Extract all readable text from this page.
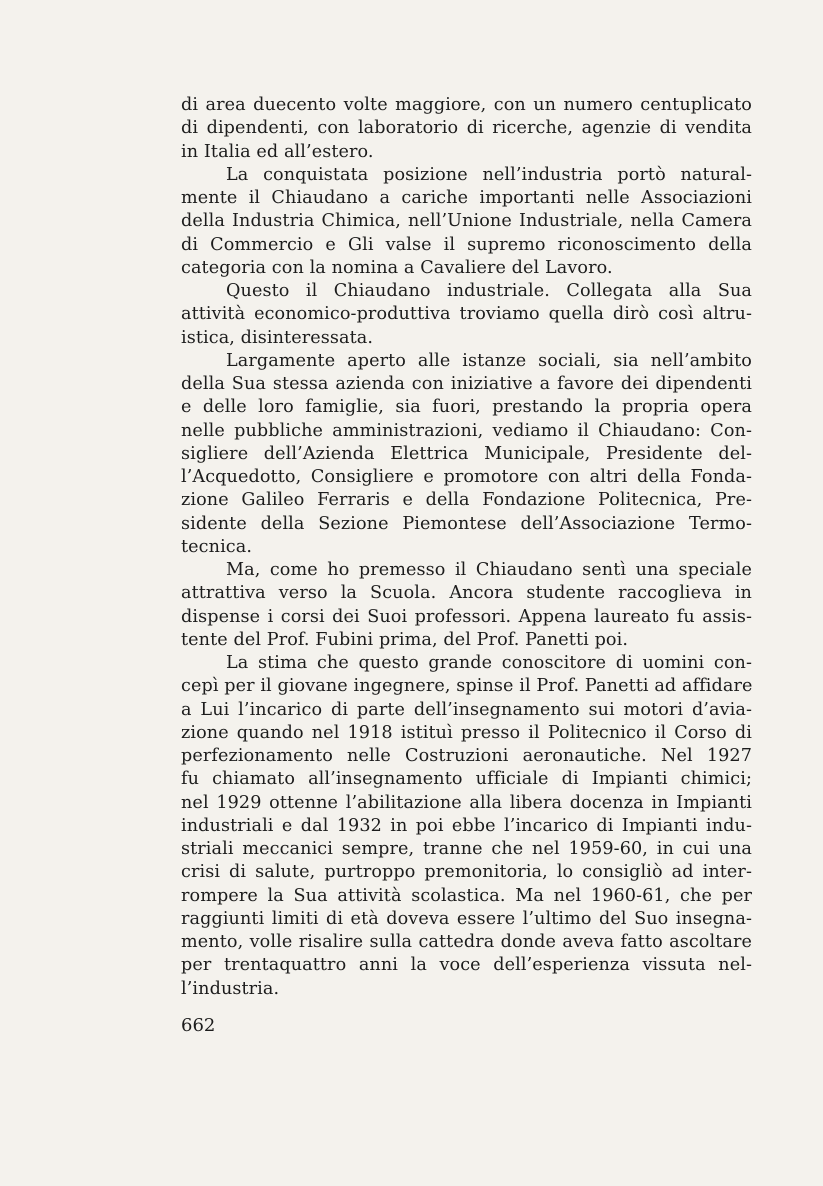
di area duecento volte maggiore, con un numero centuplicato
di dipendenti, con laboratorio di ricerche, agenzie di vendita
in Italia ed all’estero.
La conquistata posizione nell’industria portò natural-
mente il Chiaudano a cariche importanti nelle Associazioni
della Industria Chimica, nell’Unione Industriale, nella Camera
di Commercio e Gli valse il supremo riconoscimento della
categoria con la nomina a Cavaliere del Lavoro.
Questo il Chiaudano industriale. Collegata alla Sua
attività economico-produttiva troviamo quella dirò così altru-
istica, disinteressata.
Largamente aperto alle istanze sociali, sia nell’ambito
della Sua stessa azienda con iniziative a favore dei dipendenti
e delle loro famiglie, sia fuori, prestando la propria opera
nelle pubbliche amministrazioni, vediamo il Chiaudano: Con-
sigliere dell’Azienda Elettrica Municipale, Presidente del-
l’Acquedotto, Consigliere e promotore con altri della Fonda-
zione Galileo Ferraris e della Fondazione Politecnica, Pre-
sidente della Sezione Piemontese dell’Associazione Termo-
tecnica.
Ma, come ho premesso il Chiaudano sentì una speciale
attrattiva verso la Scuola. Ancora studente raccoglieva in
dispense i corsi dei Suoi professori. Appena laureato fu assis-
tente del Prof. Fubini prima, del Prof. Panetti poi.
La stima che questo grande conoscitore di uomini con-
cepì per il giovane ingegnere, spinse il Prof. Panetti ad affidare
a Lui l’incarico di parte dell’insegnamento sui motori d’avia-
zione quando nel 1918 istituì presso il Politecnico il Corso di
perfezionamento nelle Costruzioni aeronautiche. Nel 1927
fu chiamato all’insegnamento ufficiale di Impianti chimici;
nel 1929 ottenne l’abilitazione alla libera docenza in Impianti
industriali e dal 1932 in poi ebbe l’incarico di Impianti indu-
striali meccanici sempre, tranne che nel 1959-60, in cui una
crisi di salute, purtroppo premonitoria, lo consigliò ad inter-
rompere la Sua attività scolastica. Ma nel 1960-61, che per
raggiunti limiti di età doveva essere l’ultimo del Suo insegna-
mento, volle risalire sulla cattedra donde aveva fatto ascoltare
per trentaquattro anni la voce dell’esperienza vissuta nel-
l’industria.
662
